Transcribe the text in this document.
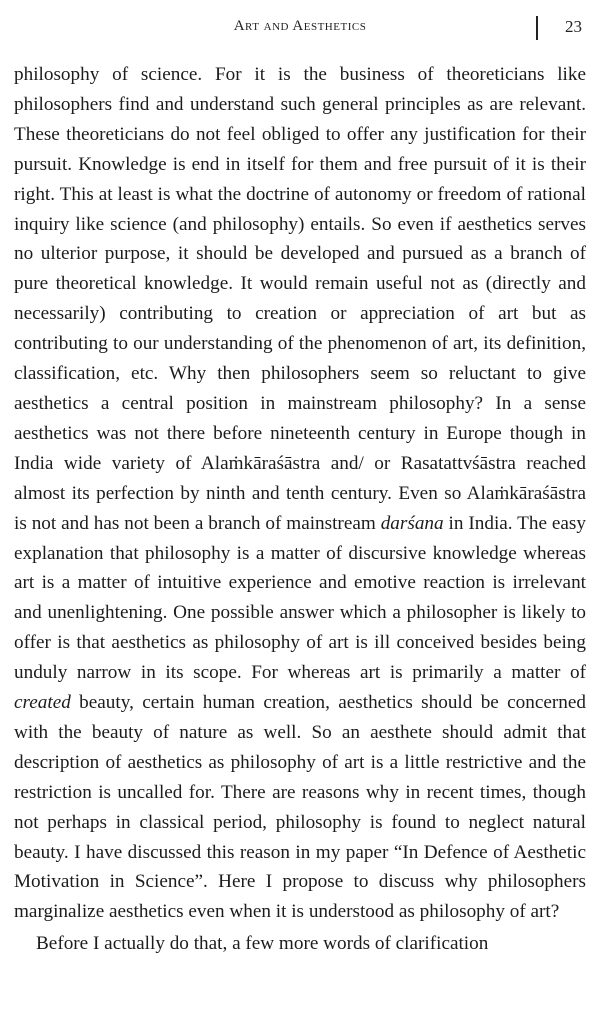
Art and Aesthetics	23

philosophy of science. For it is the business of theoreticians like philosophers find and understand such general principles as are relevant. These theoreticians do not feel obliged to offer any justification for their pursuit. Knowledge is end in itself for them and free pursuit of it is their right. This at least is what the doctrine of autonomy or freedom of rational inquiry like science (and philosophy) entails. So even if aesthetics serves no ulterior purpose, it should be developed and pursued as a branch of pure theoretical knowledge. It would remain useful not as (directly and necessarily) contributing to creation or appreciation of art but as contributing to our understanding of the phenomenon of art, its definition, classification, etc. Why then philosophers seem so reluctant to give aesthetics a central position in mainstream philosophy? In a sense aesthetics was not there before nineteenth century in Europe though in India wide variety of Alaṁkāraśāstra and/ or Rasatattvśāstra reached almost its perfection by ninth and tenth century. Even so Alaṁkāraśāstra is not and has not been a branch of mainstream darśana in India. The easy explanation that philosophy is a matter of discursive knowledge whereas art is a matter of intuitive experience and emotive reaction is irrelevant and unenlightening. One possible answer which a philosopher is likely to offer is that aesthetics as philosophy of art is ill conceived besides being unduly narrow in its scope. For whereas art is primarily a matter of created beauty, certain human creation, aesthetics should be concerned with the beauty of nature as well. So an aesthete should admit that description of aesthetics as philosophy of art is a little restrictive and the restriction is uncalled for. There are reasons why in recent times, though not perhaps in classical period, philosophy is found to neglect natural beauty. I have discussed this reason in my paper “In Defence of Aesthetic Motivation in Science”. Here I propose to discuss why philosophers marginalize aesthetics even when it is understood as philosophy of art?

Before I actually do that, a few more words of clarification
